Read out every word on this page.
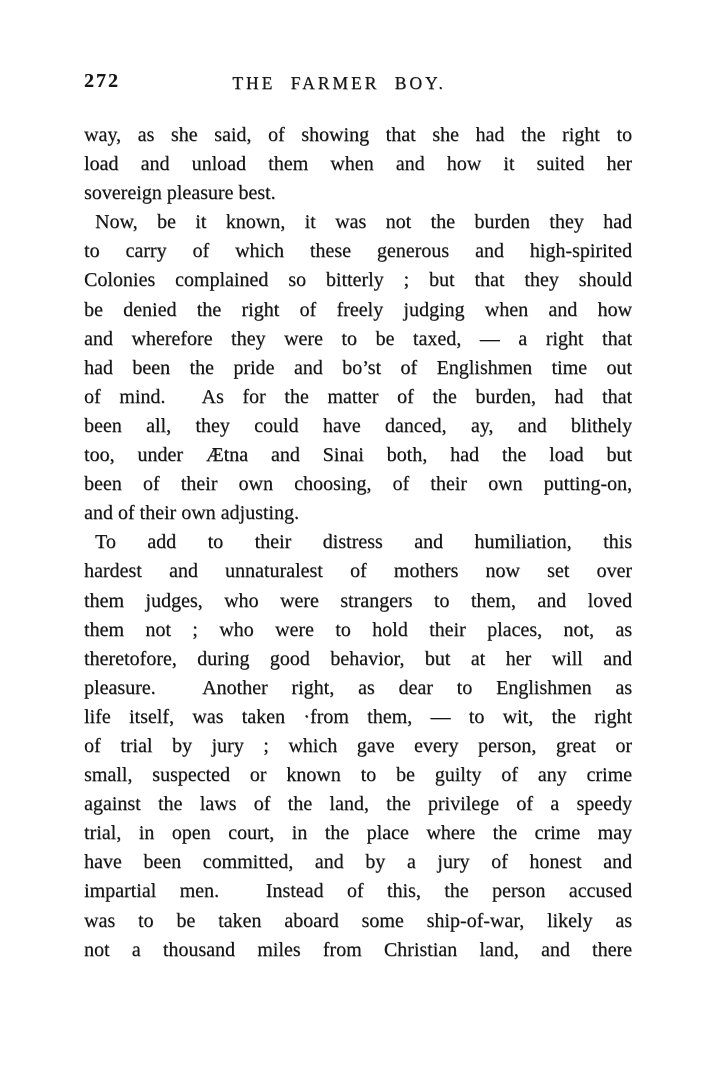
272	THE FARMER BOY.
way, as she said, of showing that she had the right to
load and unload them when and how it suited her
sovereign pleasure best.
Now, be it known, it was not the burden they had
to carry of which these generous and high-spirited
Colonies complained so bitterly ; but that they should
be denied the right of freely judging when and how
and wherefore they were to be taxed, — a right that
had been the pride and bo’st of Englishmen time out
of mind.  As for the matter of the burden, had that
been all, they could have danced, ay, and blithely
too, under Ætna and Sinai both, had the load but
been of their own choosing, of their own putting-on,
and of their own adjusting.
To add to their distress and humiliation, this
hardest and unnaturalest of mothers now set over
them judges, who were strangers to them, and loved
them not ; who were to hold their places, not, as
theretofore, during good behavior, but at her will and
pleasure.  Another right, as dear to Englishmen as
life itself, was taken ·from them, — to wit, the right
of trial by jury ; which gave every person, great or
small, suspected or known to be guilty of any crime
against the laws of the land, the privilege of a speedy
trial, in open court, in the place where the crime may
have been committed, and by a jury of honest and
impartial men.  Instead of this, the person accused
was to be taken aboard some ship-of-war, likely as
not a thousand miles from Christian land, and there
